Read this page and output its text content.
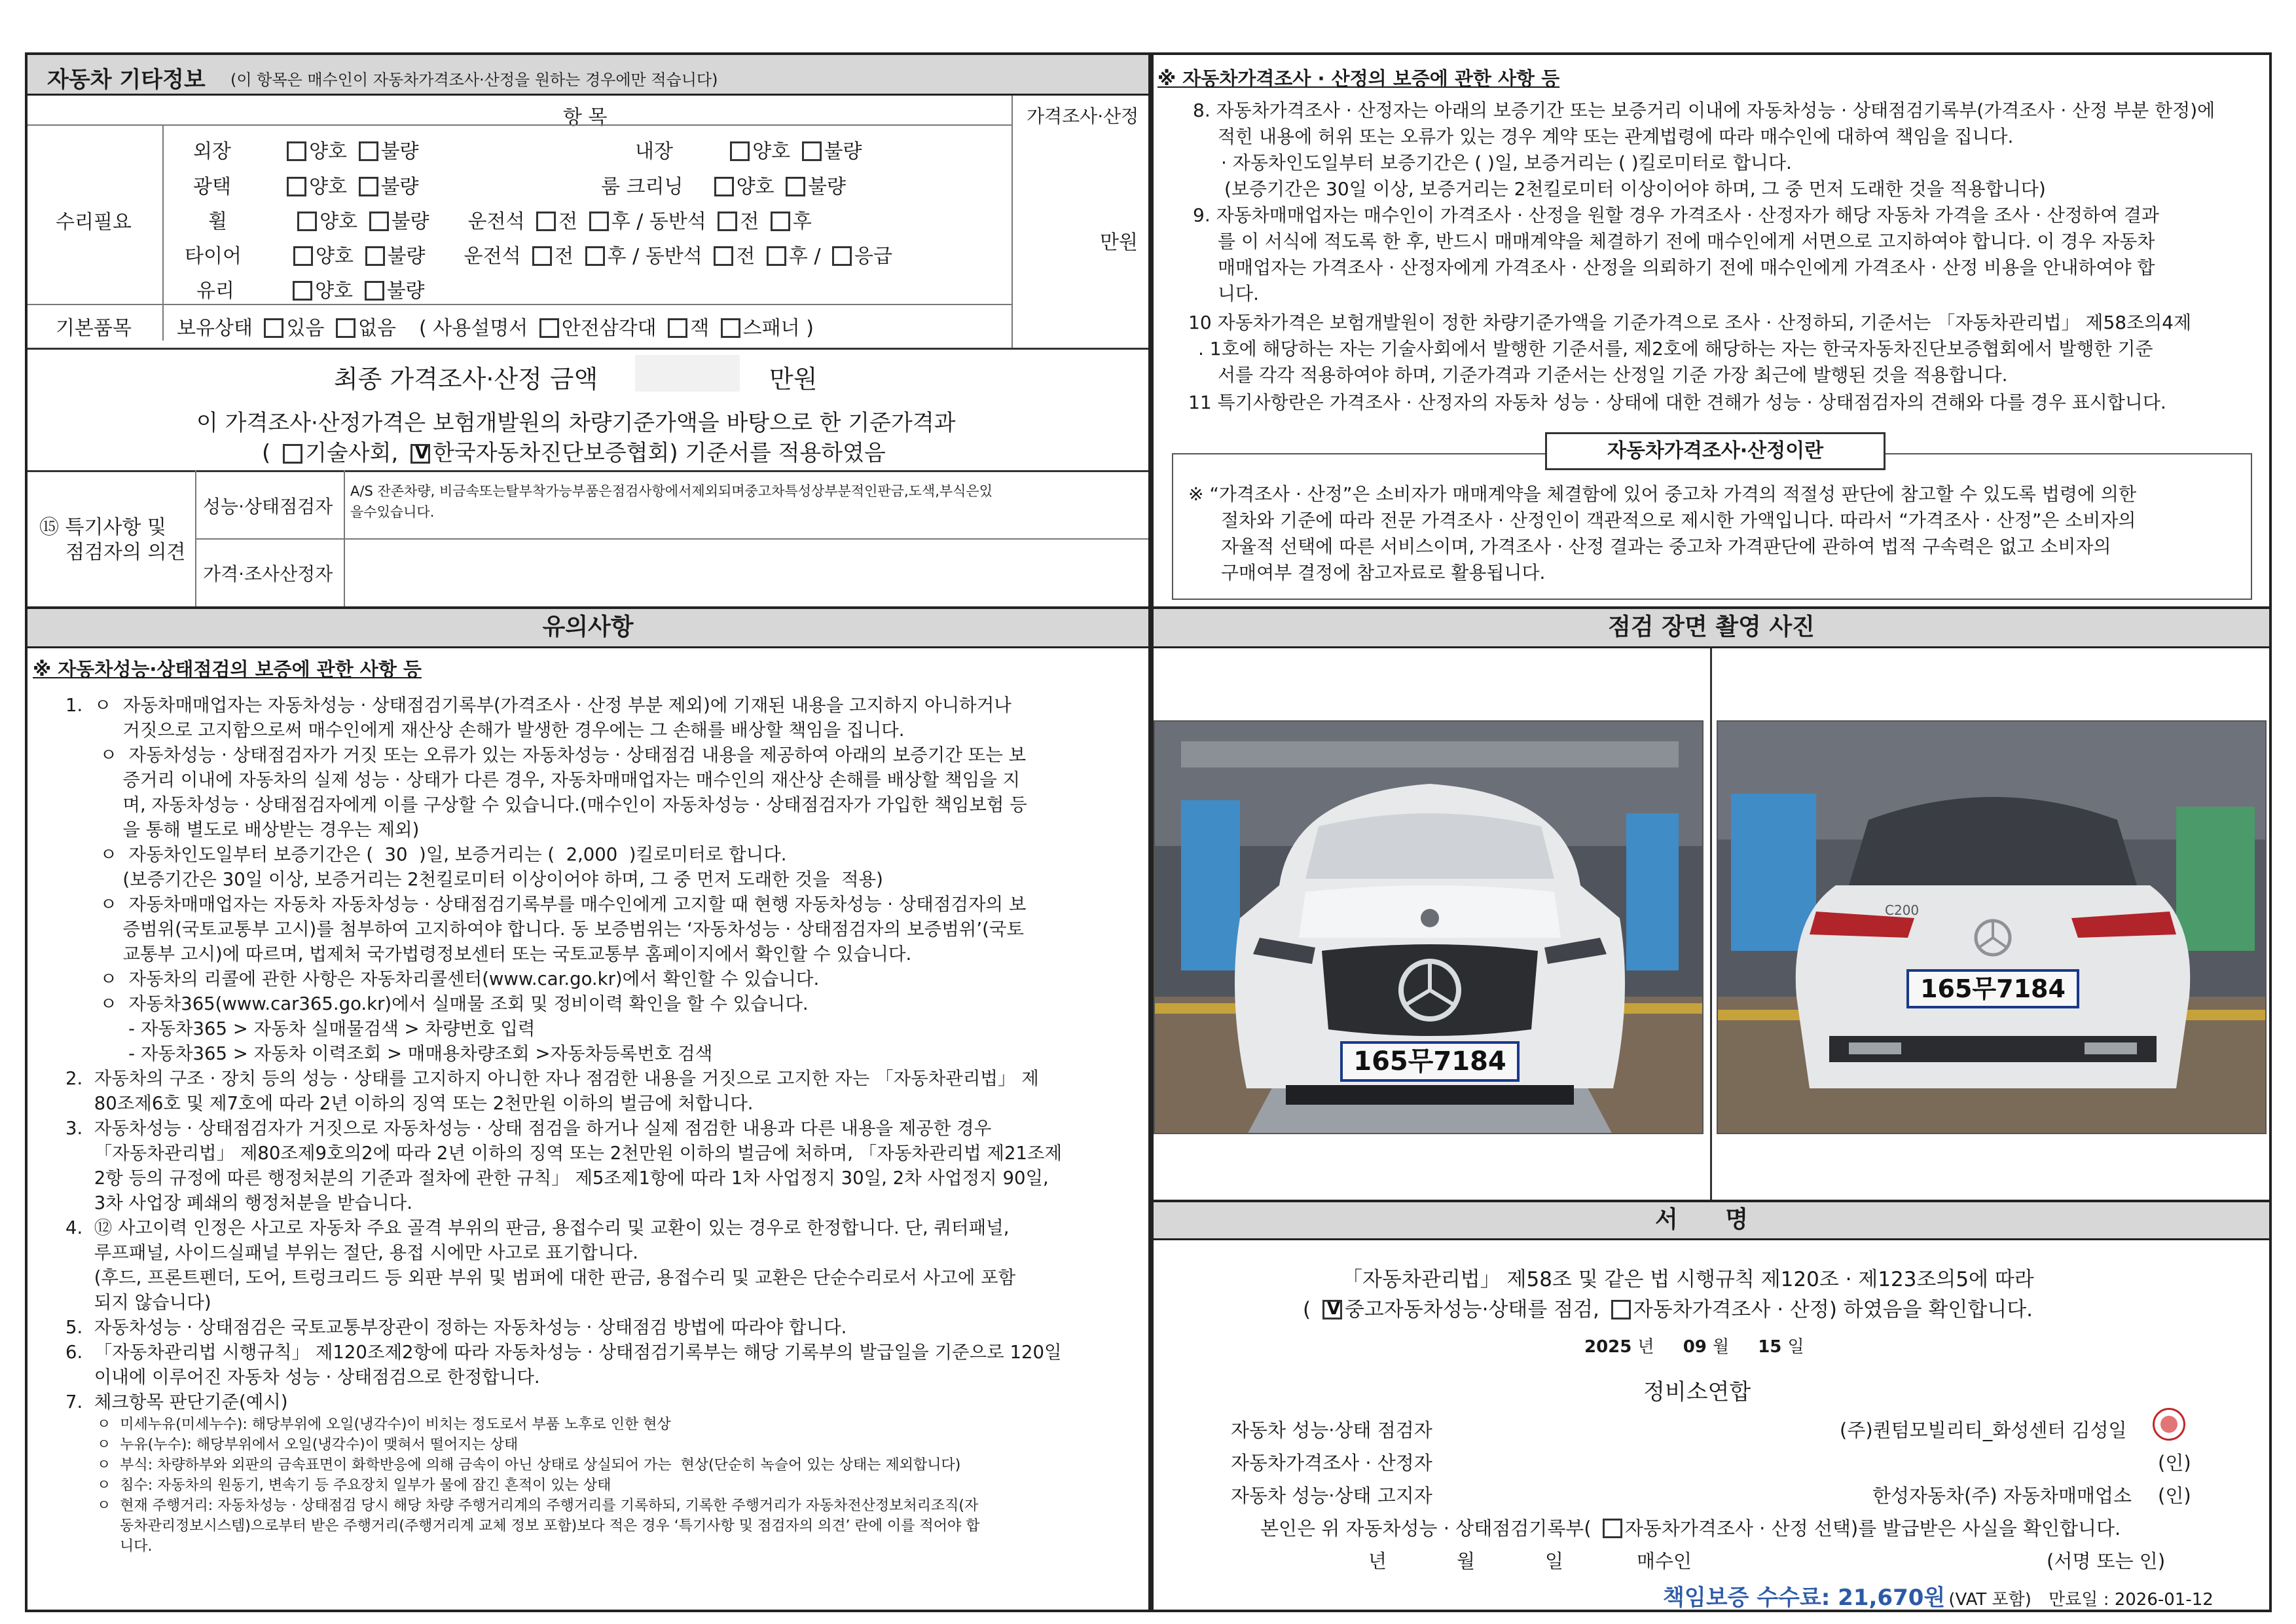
자동차 기타정보 (이 항목은 매수인이 자동차가격조사·산정을 원하는 경우에만 적습니다)
항 목	가격조사·산정
수리필요
만원
외장	양호 불량	내장	양호 불량
광택	양호 불량	룸 크리닝	양호 불량
휠	양호 불량 운전석 전 후 / 동반석 전 후
타이어	양호 불량 운전석 전 후 / 동반석 전 후 / 응급
유리	양호 불량
기본품목 보유상태 있음 없음 ( 사용설명서 안전삼각대 잭 스패너 )
최종 가격조사·산정 금액	만원
이 가격조사·산정가격은 보험개발원의 차량기준가액을 바탕으로 한 기준가격과
( 기술사회, V 한국자동차진단보증협회) 기준서를 적용하였음
⑮ 특기사항 및
점검자의 의견
성능·상태점검자
A/S 잔존차량, 비금속또는탈부착가능부품은점검사항에서제외되며중고차특성상부분적인판금,도색,부식은있
을수있습니다.
가격·조사산정자
※ 자동차가격조사 · 산정의 보증에 관한 사항 등
8. 자동차가격조사 · 산정자는 아래의 보증기간 또는 보증거리 이내에 자동차성능 · 상태점검기록부(가격조사 · 산정 부분 한정)에
적힌 내용에 허위 또는 오류가 있는 경우 계약 또는 관계법령에 따라 매수인에 대하여 책임을 집니다.
· 자동차인도일부터 보증기간은 ( )일, 보증거리는 ( )킬로미터로 합니다.
(보증기간은 30일 이상, 보증거리는 2천킬로미터 이상이어야 하며, 그 중 먼저 도래한 것을 적용합니다)
9. 자동차매매업자는 매수인이 가격조사 · 산정을 원할 경우 가격조사 · 산정자가 해당 자동차 가격을 조사 · 산정하여 결과
를 이 서식에 적도록 한 후, 반드시 매매계약을 체결하기 전에 매수인에게 서면으로 고지하여야 합니다. 이 경우 자동차
매매업자는 가격조사 · 산정자에게 가격조사 · 산정을 의뢰하기 전에 매수인에게 가격조사 · 산정 비용을 안내하여야 합
니다.
10 자동차가격은 보험개발원이 정한 차량기준가액을 기준가격으로 조사 · 산정하되, 기준서는 「자동차관리법」 제58조의4제
. 1호에 해당하는 자는 기술사회에서 발행한 기준서를, 제2호에 해당하는 자는 한국자동차진단보증협회에서 발행한 기준
서를 각각 적용하여야 하며, 기준가격과 기준서는 산정일 기준 가장 최근에 발행된 것을 적용합니다.
11 특기사항란은 가격조사 · 산정자의 자동차 성능 · 상태에 대한 견해가 성능 · 상태점검자의 견해와 다를 경우 표시합니다.
자동차가격조사·산정이란
※ “가격조사 · 산정”은 소비자가 매매계약을 체결함에 있어 중고차 가격의 적절성 판단에 참고할 수 있도록 법령에 의한
절차와 기준에 따라 전문 가격조사 · 산정인이 객관적으로 제시한 가액입니다. 따라서 “가격조사 · 산정”은 소비자의
자율적 선택에 따른 서비스이며, 가격조사 · 산정 결과는 중고차 가격판단에 관하여 법적 구속력은 없고 소비자의
구매여부 결정에 참고자료로 활용됩니다.
유의사항
※ 자동차성능·상태점검의 보증에 관한 사항 등
1.  ㅇ  자동차매매업자는 자동차성능 · 상태점검기록부(가격조사 · 산정 부분 제외)에 기재된 내용을 고지하지 아니하거나
거짓으로 고지함으로써 매수인에게 재산상 손해가 발생한 경우에는 그 손해를 배상할 책임을 집니다.
ㅇ  자동차성능 · 상태점검자가 거짓 또는 오류가 있는 자동차성능 · 상태점검 내용을 제공하여 아래의 보증기간 또는 보
증거리 이내에 자동차의 실제 성능 · 상태가 다른 경우, 자동차매매업자는 매수인의 재산상 손해를 배상할 책임을 지
며, 자동차성능 · 상태점검자에게 이를 구상할 수 있습니다.(매수인이 자동차성능 · 상태점검자가 가입한 책임보험 등
을 통해 별도로 배상받는 경우는 제외)
ㅇ  자동차인도일부터 보증기간은 (  30  )일, 보증거리는 (  2,000  )킬로미터로 합니다.
(보증기간은 30일 이상, 보증거리는 2천킬로미터 이상이어야 하며, 그 중 먼저 도래한 것을  적용)
ㅇ  자동차매매업자는 자동차 자동차성능 · 상태점검기록부를 매수인에게 고지할 때 현행 자동차성능 · 상태점검자의 보
증범위(국토교통부 고시)를 첨부하여 고지하여야 합니다. 동 보증범위는 ‘자동차성능 · 상태점검자의 보증범위’(국토
교통부 고시)에 따르며, 법제처 국가법령정보센터 또는 국토교통부 홈페이지에서 확인할 수 있습니다.
ㅇ  자동차의 리콜에 관한 사항은 자동차리콜센터(www.car.go.kr)에서 확인할 수 있습니다.
ㅇ  자동차365(www.car365.go.kr)에서 실매물 조회 및 정비이력 확인을 할 수 있습니다.
- 자동차365 > 자동차 실매물검색 > 차량번호 입력
- 자동차365 > 자동차 이력조회 > 매매용차량조회 >자동차등록번호 검색
2.  자동차의 구조 · 장치 등의 성능 · 상태를 고지하지 아니한 자나 점검한 내용을 거짓으로 고지한 자는 「자동차관리법」 제
80조제6호 및 제7호에 따라 2년 이하의 징역 또는 2천만원 이하의 벌금에 처합니다.
3.  자동차성능 · 상태점검자가 거짓으로 자동차성능 · 상태 점검을 하거나 실제 점검한 내용과 다른 내용을 제공한 경우
「자동차관리법」 제80조제9호의2에 따라 2년 이하의 징역 또는 2천만원 이하의 벌금에 처하며, 「자동차관리법 제21조제
2항 등의 규정에 따른 행정처분의 기준과 절차에 관한 규칙」 제5조제1항에 따라 1차 사업정지 30일, 2차 사업정지 90일,
3차 사업장 폐쇄의 행정처분을 받습니다.
4.  ⑫ 사고이력 인정은 사고로 자동차 주요 골격 부위의 판금, 용접수리 및 교환이 있는 경우로 한정합니다. 단, 쿼터패널,
루프패널, 사이드실패널 부위는 절단, 용접 시에만 사고로 표기합니다.
(후드, 프론트펜더, 도어, 트렁크리드 등 외판 부위 및 범퍼에 대한 판금, 용접수리 및 교환은 단순수리로서 사고에 포함
되지 않습니다)
5.  자동차성능 · 상태점검은 국토교통부장관이 정하는 자동차성능 · 상태점검 방법에 따라야 합니다.
6.  「자동차관리법 시행규칙」 제120조제2항에 따라 자동차성능 · 상태점검기록부는 해당 기록부의 발급일을 기준으로 120일
이내에 이루어진 자동차 성능 · 상태점검으로 한정합니다.
7.  체크항목 판단기준(예시)
ㅇ  미세누유(미세누수): 해당부위에 오일(냉각수)이 비치는 정도로서 부품 노후로 인한 현상
ㅇ  누유(누수): 해당부위에서 오일(냉각수)이 맺혀서 떨어지는 상태
ㅇ  부식: 차량하부와 외판의 금속표면이 화학반응에 의해 금속이 아닌 상태로 상실되어 가는  현상(단순히 녹슬어 있는 상태는 제외합니다)
ㅇ  침수: 자동차의 원동기, 변속기 등 주요장치 일부가 물에 잠긴 흔적이 있는 상태
ㅇ  현재 주행거리: 자동차성능 · 상태점검 당시 해당 차량 주행거리계의 주행거리를 기록하되, 기록한 주행거리가 자동차전산정보처리조직(자
동차관리정보시스템)으로부터 받은 주행거리(주행거리계 교체 정보 포함)보다 적은 경우 ‘특기사항 및 점검자의 의견’ 란에 이를 적어야 합
니다.
점검 장면 촬영 사진
165무7184
C200
165무7184
서 명
「자동차관리법」 제58조 및 같은 법 시행규칙 제120조 · 제123조의5에 따라
( V 중고자동차성능·상태를 점검, 자동차가격조사 · 산정) 하였음을 확인합니다.
2025 년 09 월 15 일
정비소연합
자동차 성능·상태 점검자	(주)퀀텀모빌리티_화성센터 김성일
자동차가격조사 · 산정자	(인)
자동차 성능·상태 고지자	한성자동차(주) 자동차매매업소 (인)
본인은 위 자동차성능 · 상태점검기록부( 자동차가격조사 · 산정 선택)를 발급받은 사실을 확인합니다.
년	월	일	매수인	(서명 또는 인)
책임보증 수수료: 21,670원 (VAT 포함) 만료일 : 2026-01-12
